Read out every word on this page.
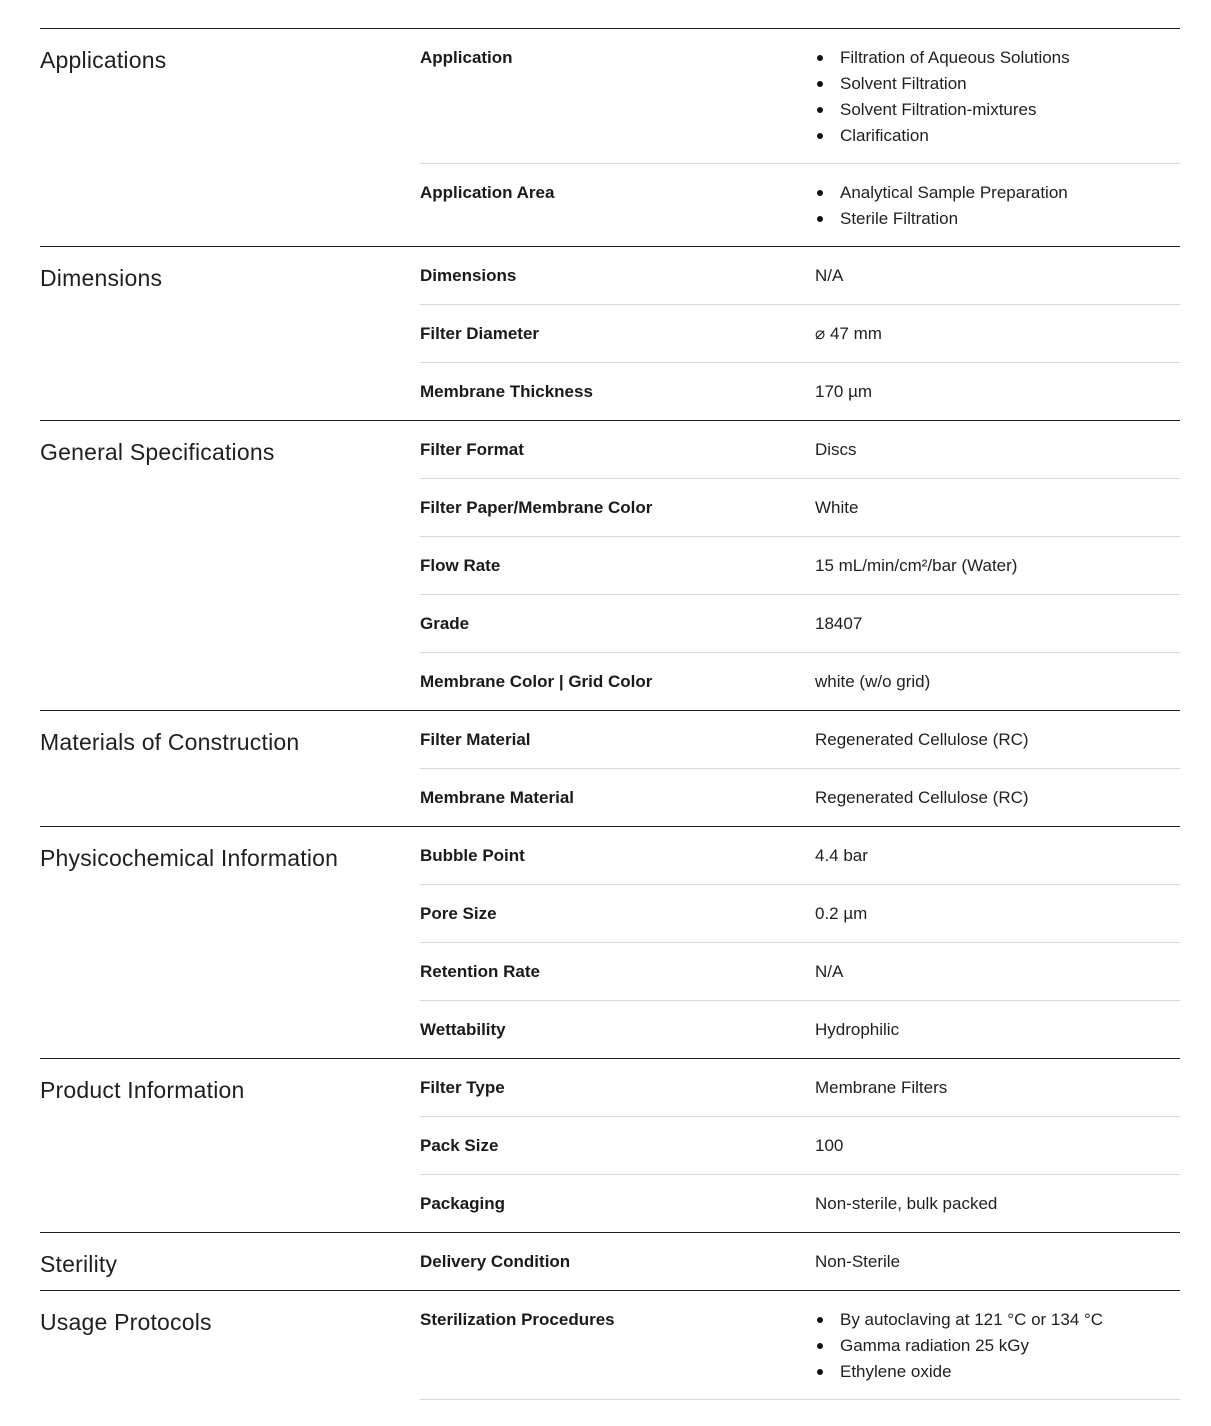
Applications	Application	Filtration of Aqueous Solutions
Solvent Filtration
Solvent Filtration-mixtures
Clarification
Application Area	Analytical Sample Preparation
Sterile Filtration
Dimensions	Dimensions	N/A
Filter Diameter	⌀ 47 mm
Membrane Thickness	170 µm
General Specifications	Filter Format	Discs
Filter Paper/Membrane Color	White
Flow Rate	15 mL/min/cm²/bar (Water)
Grade	18407
Membrane Color | Grid Color	white (w/o grid)
Materials of Construction	Filter Material	Regenerated Cellulose (RC)
Membrane Material	Regenerated Cellulose (RC)
Physicochemical Information	Bubble Point	4.4 bar
Pore Size	0.2 µm
Retention Rate	N/A
Wettability	Hydrophilic
Product Information	Filter Type	Membrane Filters
Pack Size	100
Packaging	Non-sterile, bulk packed
Sterility	Delivery Condition	Non-Sterile
Usage Protocols	Sterilization Procedures	By autoclaving at 121 °C or 134 °C
Gamma radiation 25 kGy
Ethylene oxide
